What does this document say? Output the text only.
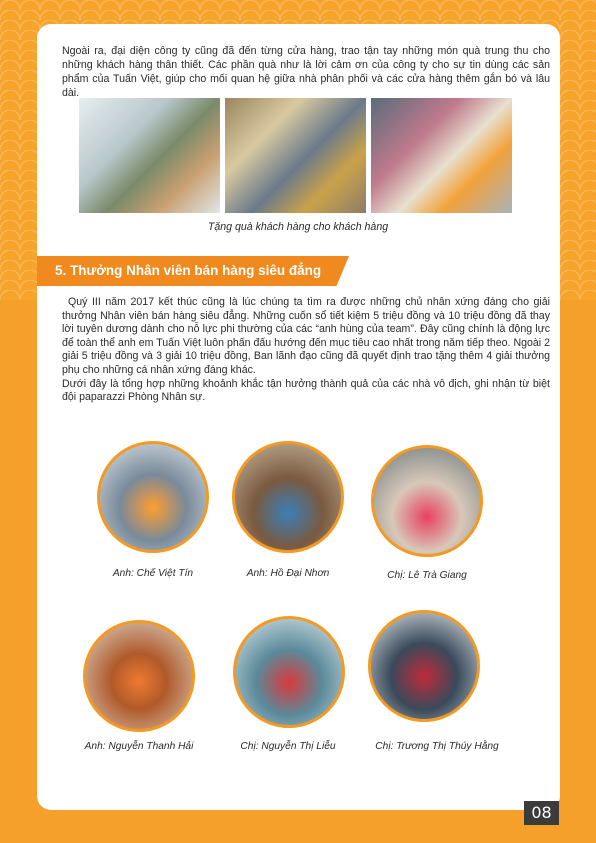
Ngoài ra, đại diện công ty cũng đã đến từng cửa hàng, trao tận tay những món quà trung thu cho những khách hàng thân thiết. Các phần quà như là lời cảm ơn của công ty cho sự tin dùng các sản phẩm của Tuấn Việt, giúp cho mối quan hệ giữa nhà phân phối và các cửa hàng thêm gắn bó và lâu dài.

Tặng quà khách hàng cho khách hàng

5. Thưởng Nhân viên bán hàng siêu đẳng

Quý III năm 2017 kết thúc cũng là lúc chúng ta tìm ra được những chủ nhân xứng đáng cho giải thưởng Nhân viên bán hàng siêu đẳng. Những cuốn sổ tiết kiệm 5 triệu đồng và 10 triệu đồng đã thay lời tuyên dương dành cho nỗ lực phi thường của các “anh hùng của team”. Đây cũng chính là động lực để toàn thể anh em Tuấn Việt luôn phấn đấu hướng đến mục tiêu cao nhất trong năm tiếp theo. Ngoài 2 giải 5 triệu đồng và 3 giải 10 triệu đồng, Ban lãnh đạo cũng đã quyết định trao tặng thêm 4 giải thưởng phụ cho những cá nhân xứng đáng khác.

Dưới đây là tổng hợp những khoảnh khắc tận hưởng thành quả của các nhà vô địch, ghi nhận từ biệt đội paparazzi Phòng Nhân sự.

Anh: Chế Việt Tín	Anh: Hồ Đại Nhơn	Chị: Lê Trà Giang

Anh: Nguyễn Thanh Hải	Chị: Nguyễn Thị Liễu	Chị: Trương Thị Thúy Hằng

08
